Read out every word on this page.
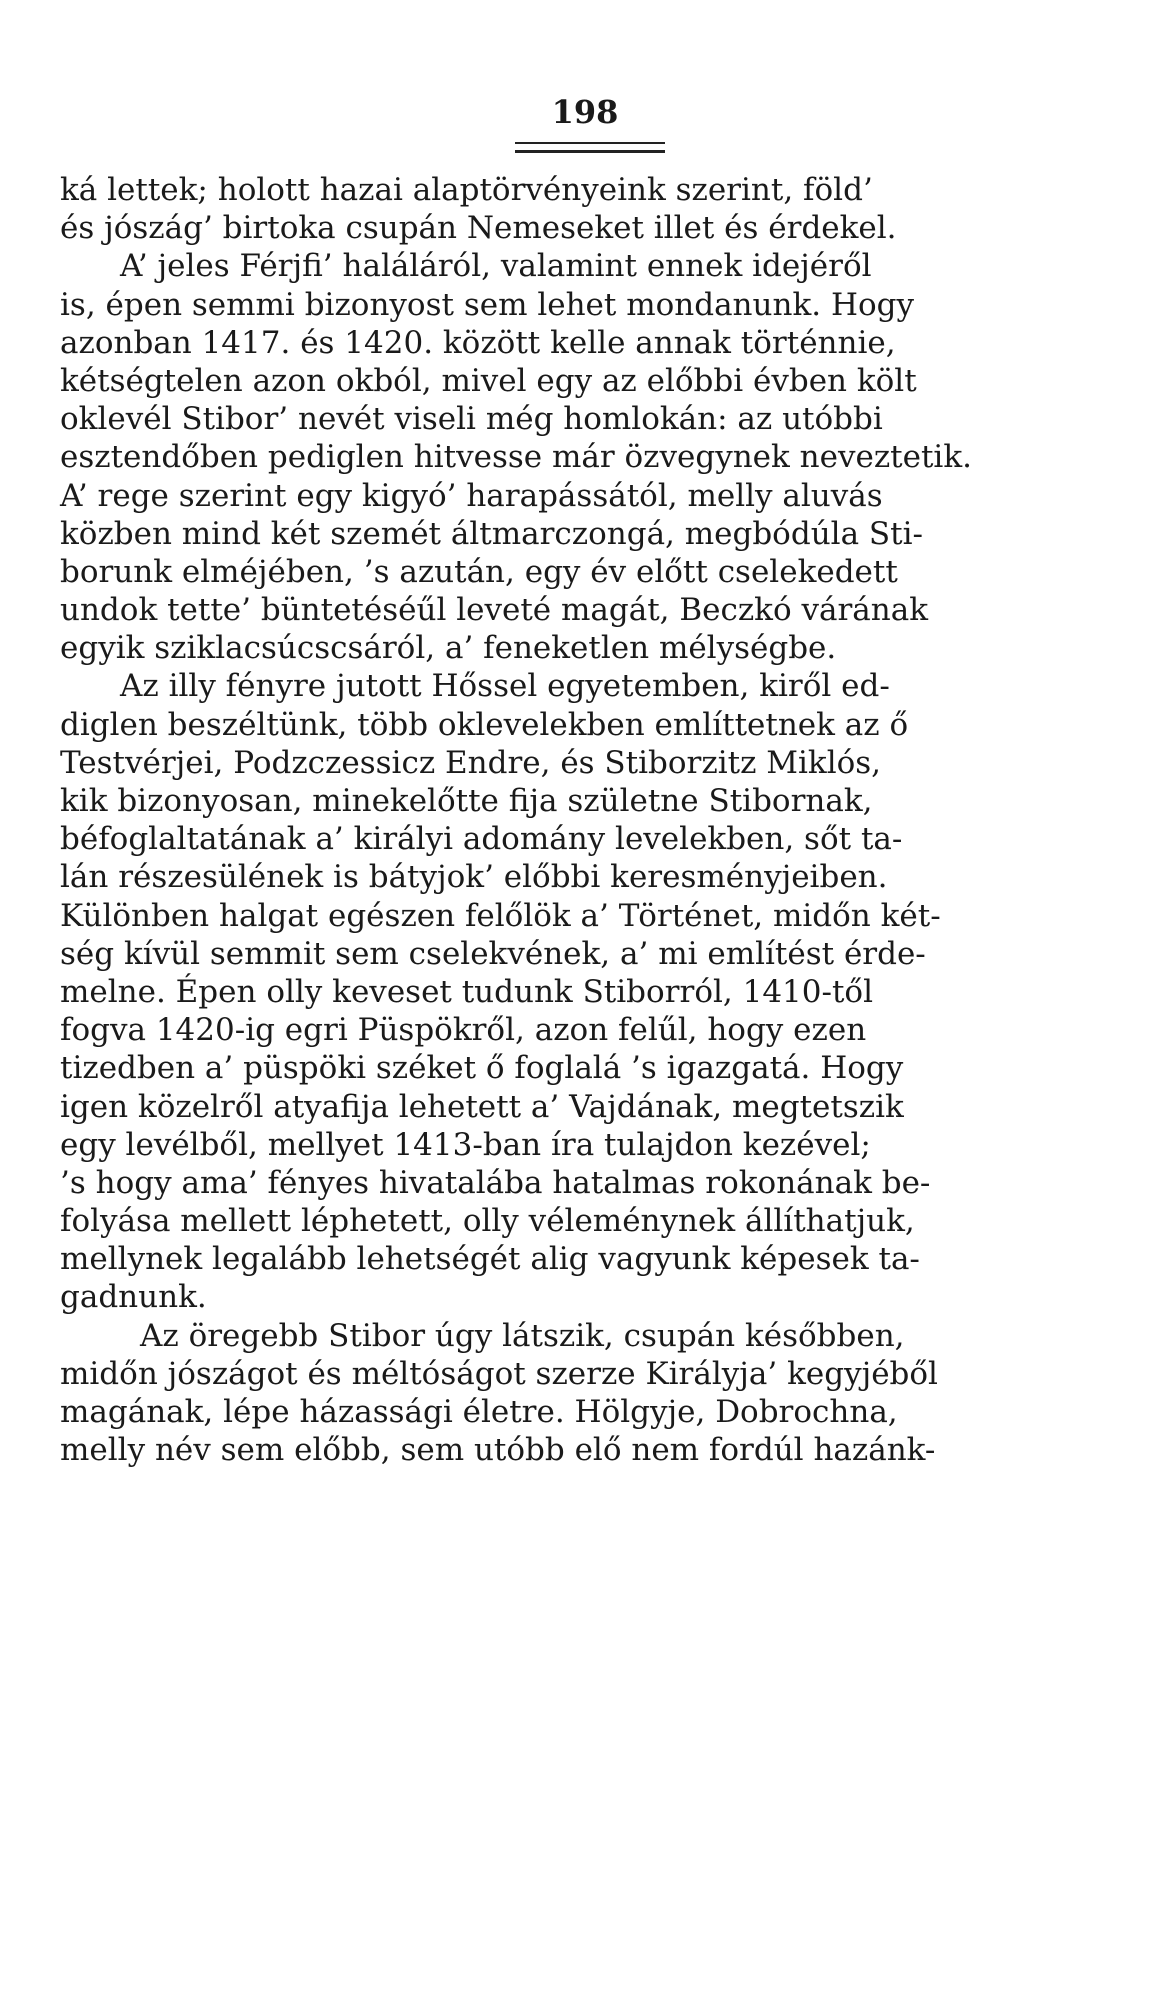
198
ká lettek; holott hazai alaptörvényeink szerint, föld’
és jószág’ birtoka csupán Nemeseket illet és érdekel.
A’ jeles Férjfi’ haláláról, valamint ennek idejéről
is, épen semmi bizonyost sem lehet mondanunk. Hogy
azonban 1417. és 1420. között kelle annak történnie,
kétségtelen azon okból, mivel egy az előbbi évben költ
oklevél Stibor’ nevét viseli még homlokán: az utóbbi
esztendőben pediglen hitvesse már özvegynek neveztetik.
A’ rege szerint egy kigyó’ harapássától, melly aluvás
közben mind két szemét áltmarczongá, megbódúla Sti-
borunk elméjében, ’s azután, egy év előtt cselekedett
undok tette’ büntetéséűl leveté magát, Beczkó várának
egyik sziklacsúcscsáról, a’ feneketlen mélységbe.
Az illy fényre jutott Hőssel egyetemben, kiről ed-
diglen beszéltünk, több oklevelekben említtetnek az ő
Testvérjei, Podzczessicz Endre, és Stiborzitz Miklós,
kik bizonyosan, minekelőtte fija születne Stibornak,
béfoglaltatának a’ királyi adomány levelekben, sőt ta-
lán részesülének is bátyjok’ előbbi keresményjeiben.
Különben halgat egészen felőlök a’ Történet, midőn két-
ség kívül semmit sem cselekvének, a’ mi említést érde-
melne. Épen olly keveset tudunk Stiborról, 1410-től
fogva 1420-ig egri Püspökről, azon felűl, hogy ezen
tizedben a’ püspöki széket ő foglalá ’s igazgatá. Hogy
igen közelről atyafija lehetett a’ Vajdának, megtetszik
egy levélből, mellyet 1413-ban íra tulajdon kezével;
’s hogy ama’ fényes hivatalába hatalmas rokonának be-
folyása mellett léphetett, olly véleménynek állíthatjuk,
mellynek legalább lehetségét alig vagyunk képesek ta-
gadnunk.
Az öregebb Stibor úgy látszik, csupán későbben,
midőn jószágot és méltóságot szerze Királyja’ kegyjéből
magának, lépe házassági életre. Hölgyje, Dobrochna,
melly név sem előbb, sem utóbb elő nem fordúl hazánk-
